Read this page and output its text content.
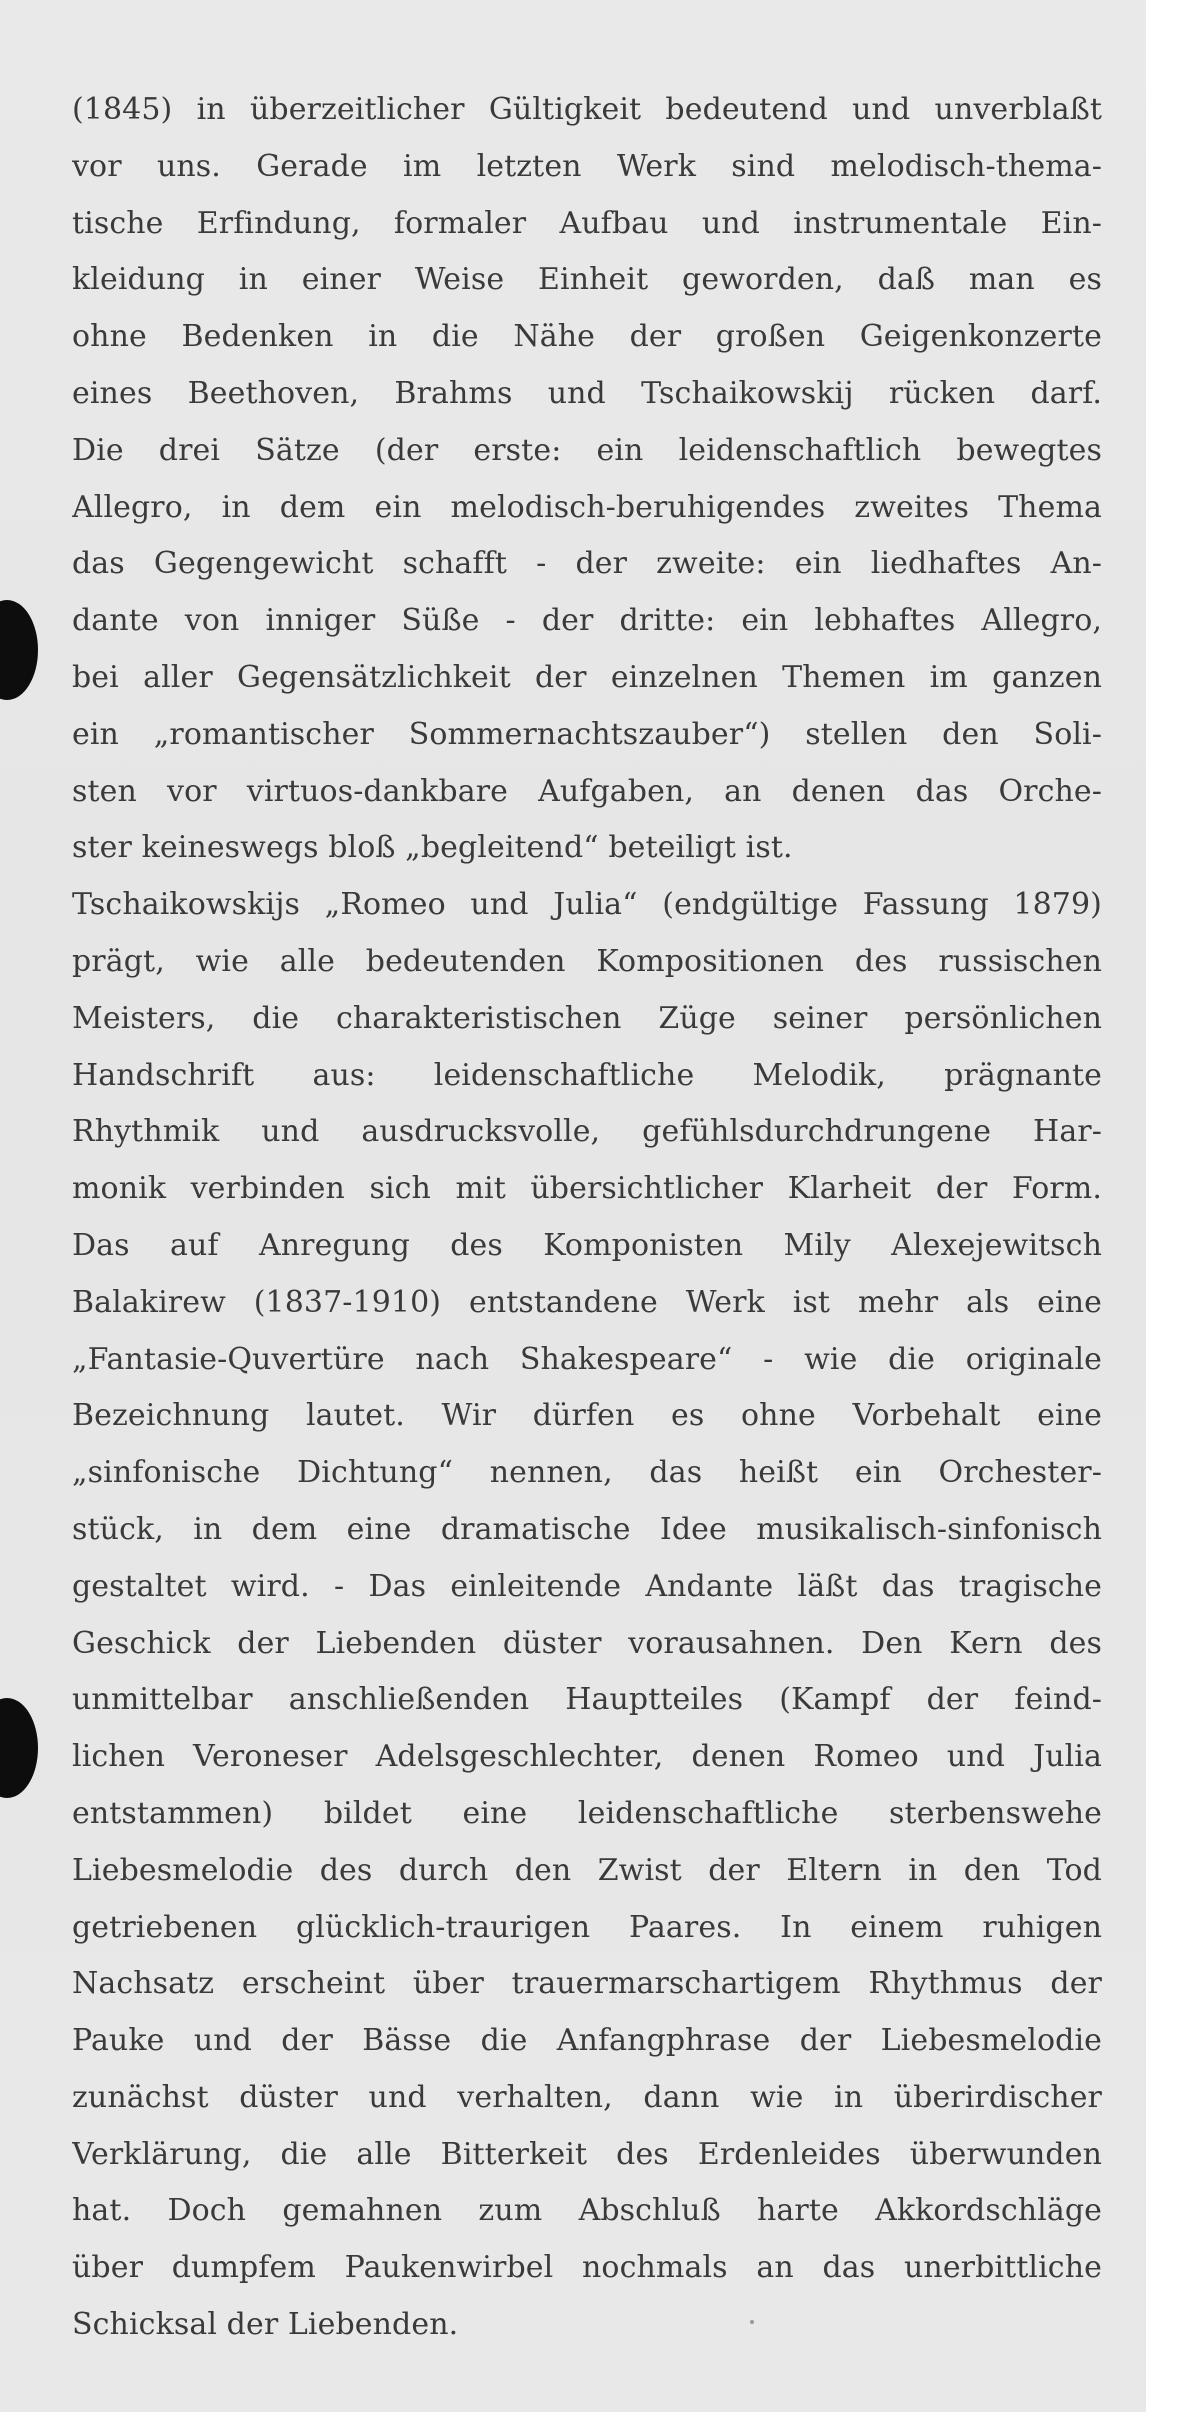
(1845) in überzeitlicher Gültigkeit bedeutend und unverblaßt
vor uns. Gerade im letzten Werk sind melodisch-thema-
tische Erfindung, formaler Aufbau und instrumentale Ein-
kleidung in einer Weise Einheit geworden, daß man es
ohne Bedenken in die Nähe der großen Geigenkonzerte
eines Beethoven, Brahms und Tschaikowskij rücken darf.
Die drei Sätze (der erste: ein leidenschaftlich bewegtes
Allegro, in dem ein melodisch-beruhigendes zweites Thema
das Gegengewicht schafft - der zweite: ein liedhaftes An-
dante von inniger Süße - der dritte: ein lebhaftes Allegro,
bei aller Gegensätzlichkeit der einzelnen Themen im ganzen
ein „romantischer Sommernachtszauber“) stellen den Soli-
sten vor virtuos-dankbare Aufgaben, an denen das Orche-
ster keineswegs bloß „begleitend“ beteiligt ist.
Tschaikowskijs „Romeo und Julia“ (endgültige Fassung 1879)
prägt, wie alle bedeutenden Kompositionen des russischen
Meisters, die charakteristischen Züge seiner persönlichen
Handschrift aus: leidenschaftliche Melodik, prägnante
Rhythmik und ausdrucksvolle, gefühlsdurchdrungene Har-
monik verbinden sich mit übersichtlicher Klarheit der Form.
Das auf Anregung des Komponisten Mily Alexejewitsch
Balakirew (1837-1910) entstandene Werk ist mehr als eine
„Fantasie-Quvertüre nach Shakespeare“ - wie die originale
Bezeichnung lautet. Wir dürfen es ohne Vorbehalt eine
„sinfonische Dichtung“ nennen, das heißt ein Orchester-
stück, in dem eine dramatische Idee musikalisch-sinfonisch
gestaltet wird. - Das einleitende Andante läßt das tragische
Geschick der Liebenden düster vorausahnen. Den Kern des
unmittelbar anschließenden Hauptteiles (Kampf der feind-
lichen Veroneser Adelsgeschlechter, denen Romeo und Julia
entstammen) bildet eine leidenschaftliche sterbenswehe
Liebesmelodie des durch den Zwist der Eltern in den Tod
getriebenen glücklich-traurigen Paares. In einem ruhigen
Nachsatz erscheint über trauermarschartigem Rhythmus der
Pauke und der Bässe die Anfangphrase der Liebesmelodie
zunächst düster und verhalten, dann wie in überirdischer
Verklärung, die alle Bitterkeit des Erdenleides überwunden
hat. Doch gemahnen zum Abschluß harte Akkordschläge
über dumpfem Paukenwirbel nochmals an das unerbittliche
Schicksal der Liebenden.
